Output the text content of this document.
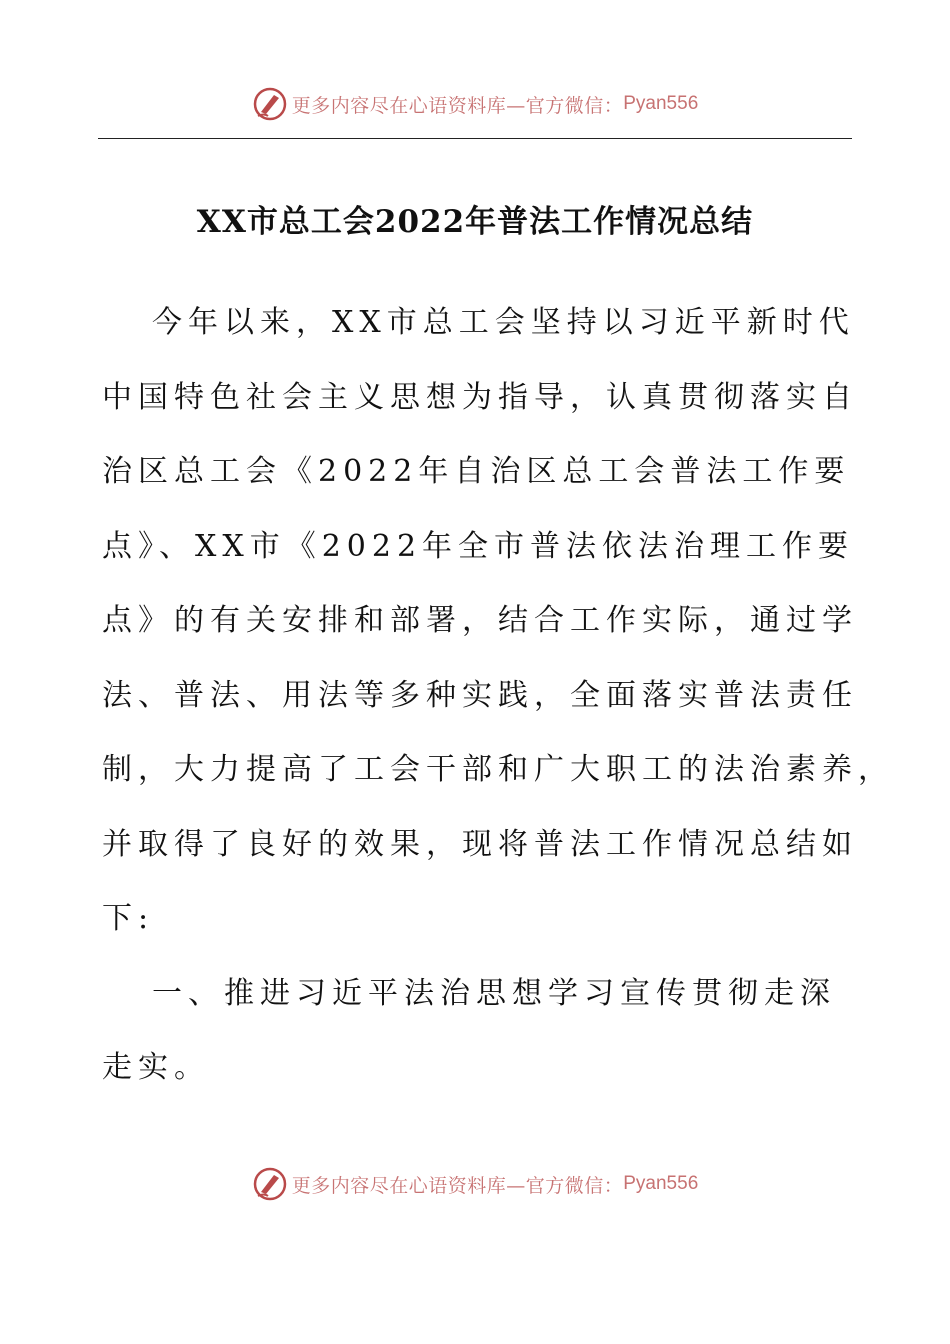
更多内容尽在心语资料库—官方微信： Pyan556
XX市总工会2022年普法工作情况总结
今年以来，XX市总工会坚持以习近平新时代
中国特色社会主义思想为指导，认真贯彻落实自
治区总工会《2022年自治区总工会普法工作要
点》、XX市《2022年全市普法依法治理工作要
点》的有关安排和部署，结合工作实际，通过学
法、普法、用法等多种实践，全面落实普法责任
制，大力提高了工会干部和广大职工的法治素养，
并取得了良好的效果，现将普法工作情况总结如
下:
一、推进习近平法治思想学习宣传贯彻走深
走实。
更多内容尽在心语资料库—官方微信： Pyan556
